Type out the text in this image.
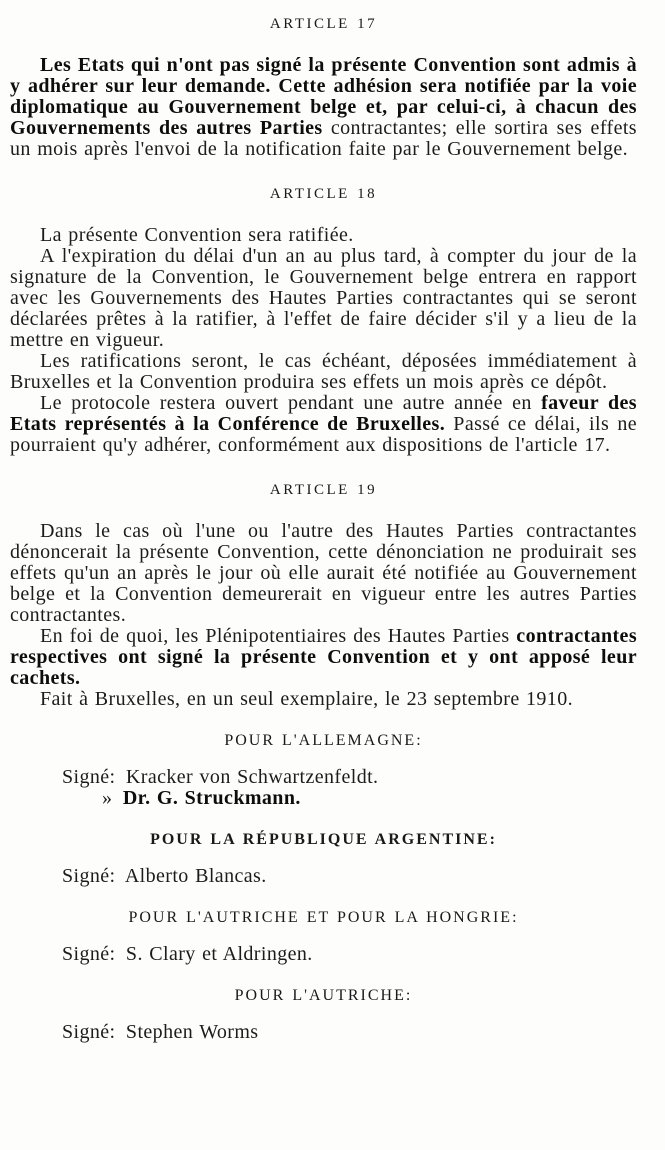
ARTICLE 17

Les Etats qui n'ont pas signé la présente Convention sont admis à y adhérer sur leur demande. Cette adhésion sera notifiée par la voie diplomatique au Gouvernement belge et, par celui-ci, à chacun des Gouvernements des autres Parties contractantes; elle sortira ses effets un mois après l'envoi de la notification faite par le Gouvernement belge.

ARTICLE 18

La présente Convention sera ratifiée.

A l'expiration du délai d'un an au plus tard, à compter du jour de la signature de la Convention, le Gouvernement belge entrera en rapport avec les Gouvernements des Hautes Parties contractantes qui se seront déclarées prêtes à la ratifier, à l'effet de faire décider s'il y a lieu de la mettre en vigueur.

Les ratifications seront, le cas échéant, déposées immédiatement à Bruxelles et la Convention produira ses effets un mois après ce dépôt.

Le protocole restera ouvert pendant une autre année en faveur des Etats représentés à la Conférence de Bruxelles. Passé ce délai, ils ne pourraient qu'y adhérer, conformément aux dispositions de l'article 17.

ARTICLE 19

Dans le cas où l'une ou l'autre des Hautes Parties contractantes dénoncerait la présente Convention, cette dénonciation ne produirait ses effets qu'un an après le jour où elle aurait été notifiée au Gouvernement belge et la Convention demeurerait en vigueur entre les autres Parties contractantes.

En foi de quoi, les Plénipotentiaires des Hautes Parties contractantes respectives ont signé la présente Convention et y ont apposé leur cachets.

Fait à Bruxelles, en un seul exemplaire, le 23 septembre 1910.

POUR L'ALLEMAGNE:

Signé: Kracker von Schwartzenfeldt.

» Dr. G. Struckmann.

POUR LA RÉPUBLIQUE ARGENTINE:

Signé: Alberto Blancas.

POUR L'AUTRICHE ET POUR LA HONGRIE:

Signé: S. Clary et Aldringen.

POUR L'AUTRICHE:

Signé: Stephen Worms
